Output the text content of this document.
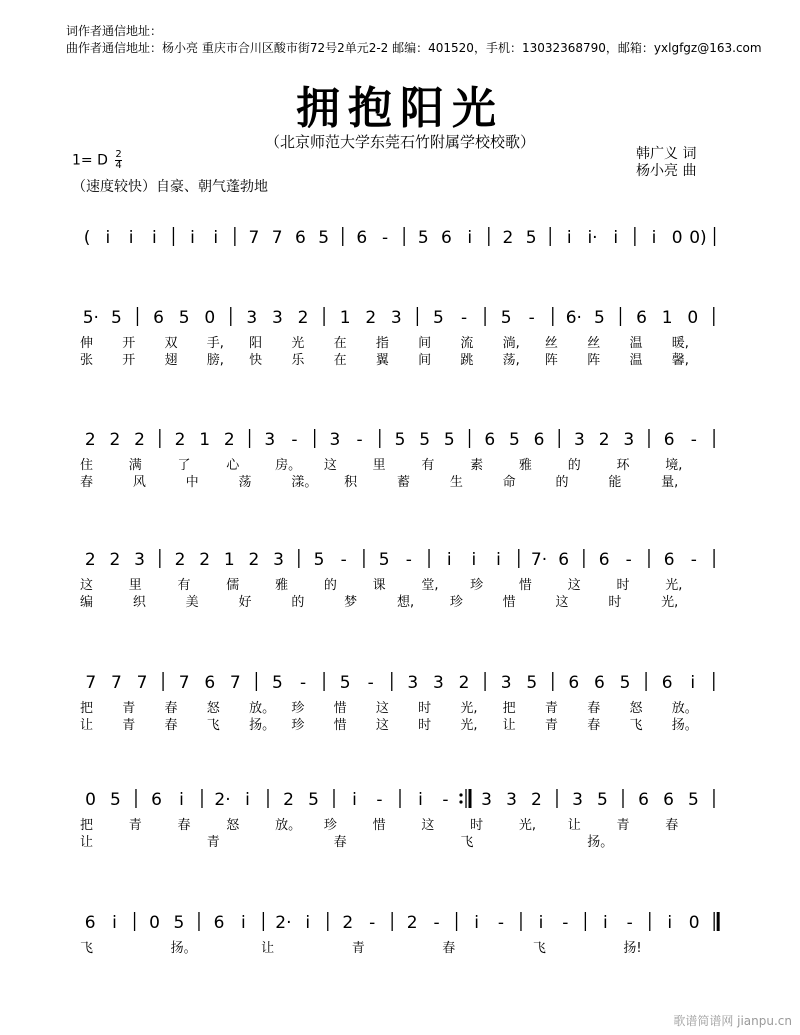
词作者通信地址：
曲作者通信地址：杨小亮 重庆市合川区酸市街72号2单元2-2 邮编：401520，手机：13032368790，邮箱：yxlgfgz@163.com
拥抱阳光
（北京师范大学东莞石竹附属学校校歌）
1= D $\frac{2}{4}$
（速度较快）自豪、朝气蓬勃地
韩广义 词
杨小亮 曲
( i i i i i 7 7 6 5 6 - 5 6 i 2 5 i i· i i 0 0)
5· 5 6 5 0 3 3 2 1 2 3 5 - 5 - 6· 5 6 1 0
伸 开 双 手, 阳 光 在 指 间 流 淌, 丝 丝 温 暖,
张 开 翅 膀, 快 乐 在 翼 间 跳 荡, 阵 阵 温 馨,
2 2 2 2 1 2 3 - 3 - 5 5 5 6 5 6 3 2 3 6 -
住	满	了	心	房。 这	里	有	素	雅	的	环	境,
春	风	中	荡	漾。 积	蓄	生	命	的	能	量,
2 2 3 2 2 1 2 3 5 - 5 - i i i 7· 6 6 - 6 -
这	里	有	儒	雅	的	课	堂, 珍	惜	这	时	光,
编	织	美	好	的	梦	想,	珍	惜	这	时	光,
7 7 7 7 6 7 5 - 5 - 3 3 2 3 5 6 6 5 6 i
把 青 春 怒 放。 珍 惜 这 时 光, 把 青 春 怒 放。
让 青 春 飞 扬。 珍 惜 这 时 光, 让 青 春 飞 扬。
0 5 6 i 2· i 2 5 i - i - 3 3 2 3 5 6 6 5
把	青	春	怒	放。 珍	惜	这	时	光, 让	青	春
让	青	春	飞	扬。
6 i 0 5 6 i 2· i 2 - 2 - i - i - i - i 0
飞	扬。	让	青	春	飞	扬!
歌谱简谱网 jianpu.cn
